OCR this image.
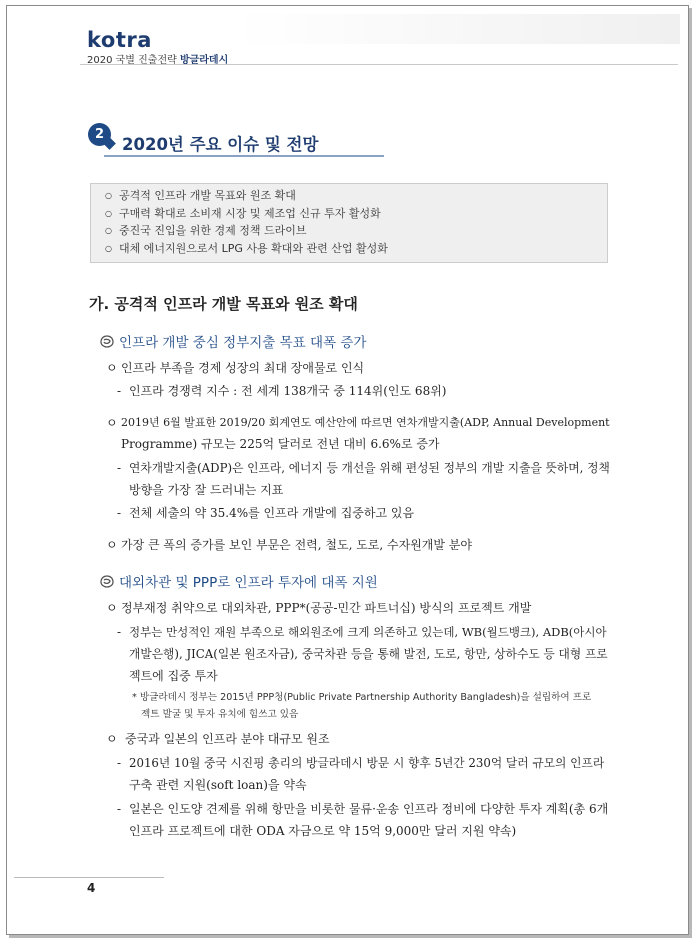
kotra
2020 국별 진출전략 방글라데시
2
2020년 주요 이슈 및 전망
○ 공격적 인프라 개발 목표와 원조 확대
○ 구매력 확대로 소비재 시장 및 제조업 신규 투자 활성화
○ 중진국 진입을 위한 경제 정책 드라이브
○ 대체 에너지원으로서 LPG 사용 확대와 관련 산업 활성화
가. 공격적 인프라 개발 목표와 원조 확대
인프라 개발 중심 정부지출 목표 대폭 증가
ㅇ 인프라 부족을 경제 성장의 최대 장애물로 인식
- 인프라 경쟁력 지수 : 전 세계 138개국 중 114위(인도 68위)
ㅇ 2019년 6월 발표한 2019/20 회계연도 예산안에 따르면 연차개발지출(ADP, Annual Development
Programme) 규모는 225억 달러로 전년 대비 6.6%로 증가
- 연차개발지출(ADP)은 인프라, 에너지 등 개선을 위해 편성된 정부의 개발 지출을 뜻하며, 정책
방향을 가장 잘 드러내는 지표
- 전체 세출의 약 35.4%를 인프라 개발에 집중하고 있음
ㅇ 가장 큰 폭의 증가를 보인 부문은 전력, 철도, 도로, 수자원개발 분야
대외차관 및 PPP로 인프라 투자에 대폭 지원
ㅇ 정부재정 취약으로 대외차관, PPP*(공공-민간 파트너십) 방식의 프로젝트 개발
- 정부는 만성적인 재원 부족으로 해외원조에 크게 의존하고 있는데, WB(월드뱅크), ADB(아시아
개발은행), JICA(일본 원조자금), 중국차관 등을 통해 발전, 도로, 항만, 상하수도 등 대형 프로
젝트에 집중 투자
* 방글라데시 정부는 2015년 PPP청(Public Private Partnership Authority Bangladesh)을 설립하여 프로
젝트 발굴 및 투자 유치에 힘쓰고 있음
ㅇ 중국과 일본의 인프라 분야 대규모 원조
- 2016년 10월 중국 시진핑 총리의 방글라데시 방문 시 향후 5년간 230억 달러 규모의 인프라
구축 관련 지원(soft loan)을 약속
- 일본은 인도양 견제를 위해 항만을 비롯한 물류·운송 인프라 정비에 다양한 투자 계획(총 6개
인프라 프로젝트에 대한 ODA 자금으로 약 15억 9,000만 달러 지원 약속)
4
